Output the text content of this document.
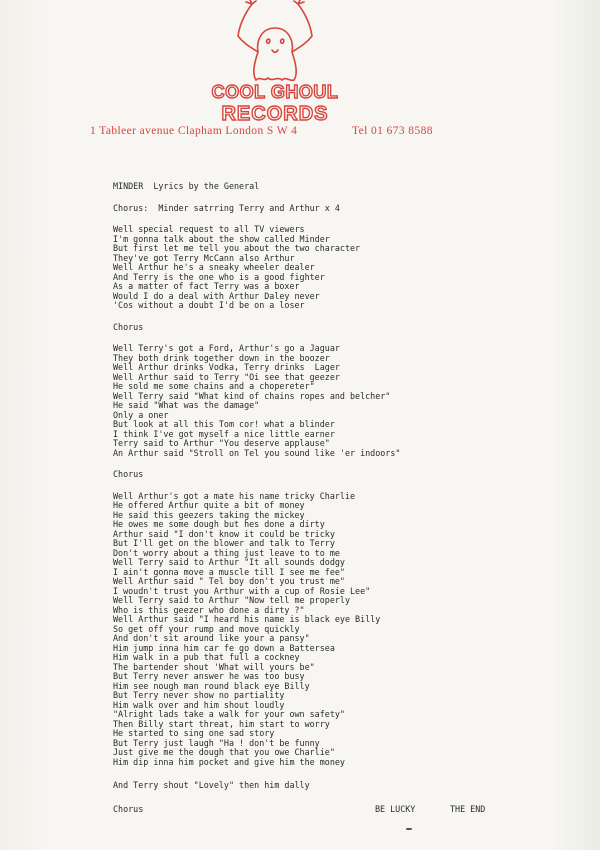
COOL GHOUL
RECORDS
1 Tableer avenue Clapham London S W 4	Tel 01 673 8588
MINDER  Lyrics by the General
Chorus:  Minder satrring Terry and Arthur x 4
Well special request to all TV viewers
I'm gonna talk about the show called Minder
But first let me tell you about the two character
They've got Terry McCann also Arthur
Well Arthur he's a sneaky wheeler dealer
And Terry is the one who is a good fighter
As a matter of fact Terry was a boxer
Would I do a deal with Arthur Daley never
'Cos without a doubt I'd be on a loser
Chorus
Well Terry's got a Ford, Arthur's go a Jaguar
They both drink together down in the boozer
Well Arthur drinks Vodka, Terry drinks  Lager
Well Arthur said to Terry "Oi see that geezer
He sold me some chains and a chopereter"
Well Terry said "What kind of chains ropes and belcher"
He said "What was the damage"
Only a oner
But look at all this Tom cor! what a blinder
I think I've got myself a nice little earner
Terry said to Arthur "You deserve applause"
An Arthur said "Stroll on Tel you sound like 'er indoors"
Chorus
Well Arthur's got a mate his name tricky Charlie
He offered Arthur quite a bit of money
He said this geezers taking the mickey
He owes me some dough but hes done a dirty
Arthur said "I don't know it could be tricky
But I'll get on the blower and talk to Terry
Don't worry about a thing just leave to to me
Well Terry said to Arthur "It all sounds dodgy
I ain't gonna move a muscle till I see me fee"
Well Arthur said " Tel boy don't you trust me"
I woudn't trust you Arthur with a cup of Rosie Lee"
Well Terry said to Arthur "Now tell me properly
Who is this geezer who done a dirty ?"
Well Arthur said "I heard his name is black eye Billy
So get off your rump and move quickly
And don't sit around like your a pansy"
Him jump inna him car fe go down a Battersea
Him walk in a pub that full a cockney
The bartender shout 'What will yours be"
But Terry never answer he was too busy
Him see nough man round black eye Billy
But Terry never show no partiality
Him walk over and him shout loudly
"Alright lads take a walk for your own safety"
Then Billy start threat, him start to worry
He started to sing one sad story
But Terry just laugh "Ha ! don't be funny
Just give me the dough that you owe Charlie"
Him dip inna him pocket and give him the money
And Terry shout "Lovely" then him dally
Chorus	BE LUCKY	THE END
